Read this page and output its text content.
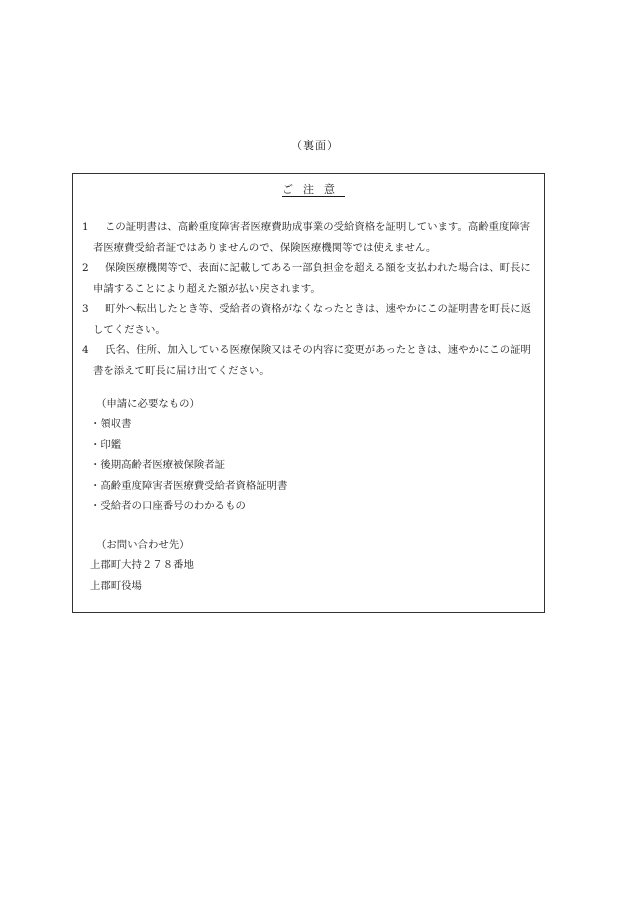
（裏面）
ご注意
1	この証明書は、高齢重度障害者医療費助成事業の受給資格を証明しています。高齢重度障害者医療費受給者証ではありませんので、保険医療機関等では使えません。
2	保険医療機関等で、表面に記載してある一部負担金を超える額を支払われた場合は、町長に申請することにより超えた額が払い戻されます。
3	町外へ転出したとき等、受給者の資格がなくなったときは、速やかにこの証明書を町長に返してください。
4	氏名、住所、加入している医療保険又はその内容に変更があったときは、速やかにこの証明書を添えて町長に届け出てください。
（申請に必要なもの）
・領収書
・印鑑
・後期高齢者医療被保険者証
・高齢重度障害者医療費受給者資格証明書
・受給者の口座番号のわかるもの
（お問い合わせ先）
上郡町大持２７８番地
上郡町役場
